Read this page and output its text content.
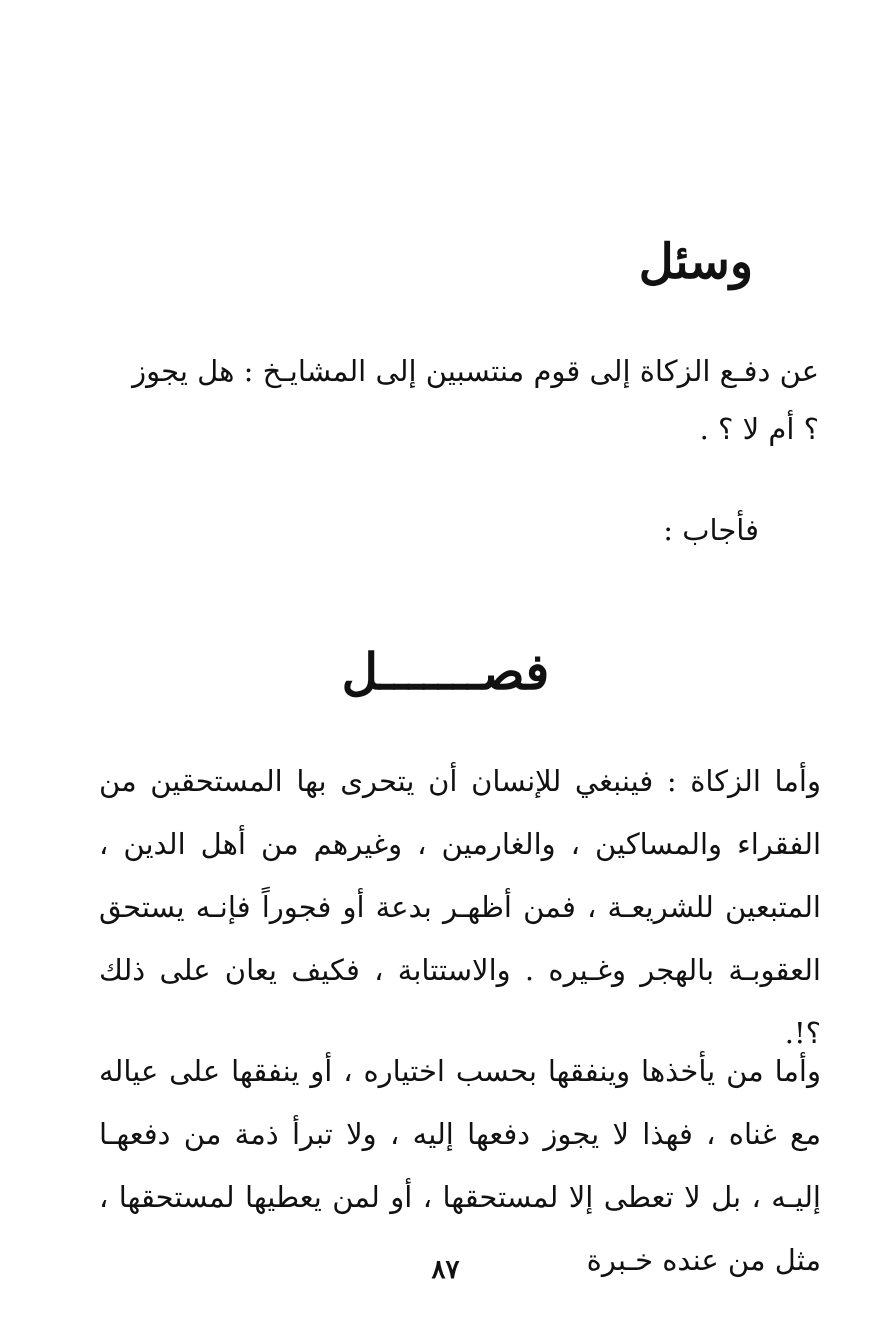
وسئل

عن دفـع الزكاة إلى قوم منتسبين إلى المشايـخ : هل يجوز ؟ أم لا ؟ .

فأجاب :

فصـــــــل

وأما الزكاة : فينبغي للإنسان أن يتحرى بها المستحقين من الفقراء والمساكين ، والغارمين ، وغيرهم من أهل الدين ، المتبعين للشريعـة ، فمن أظهـر بدعة أو فجوراً فإنـه يستحق العقوبـة بالهجر وغـيره . والاستتابة ، فكيف يعان على ذلك ؟!.

وأما من يأخذها وينفقها بحسب اختياره ، أو ينفقها على عياله مع غناه ، فهذا لا يجوز دفعها إليه ، ولا تبرأ ذمة من دفعهـا إليـه ، بل لا تعطى إلا لمستحقها ، أو لمن يعطيها لمستحقها ، مثل من عنده خـبرة

٨٧
